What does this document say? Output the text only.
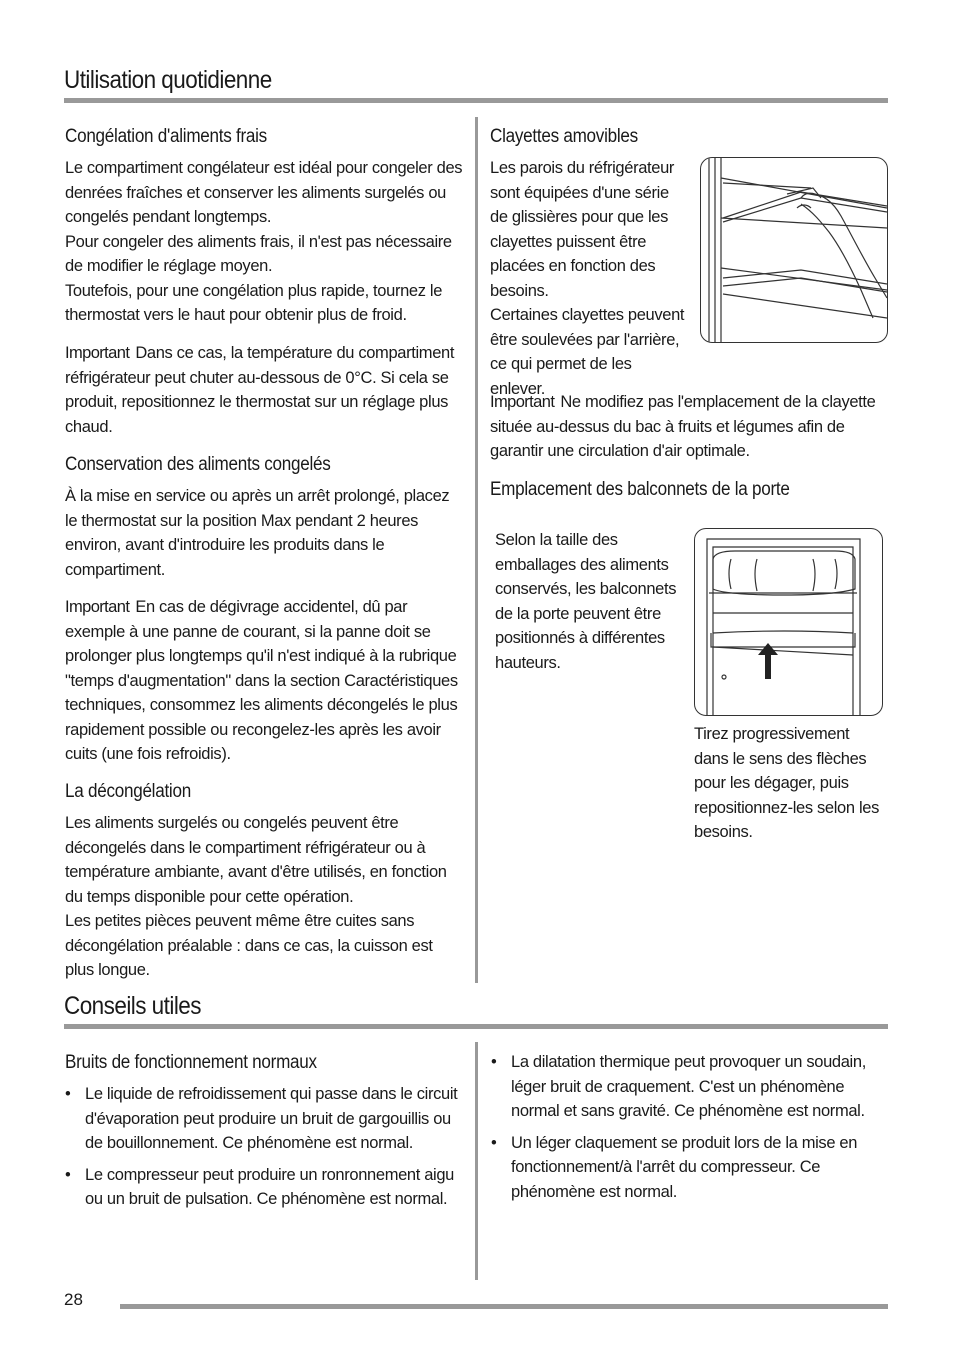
Utilisation quotidienne
Congélation d'aliments frais

Le compartiment congélateur est idéal pour congeler des denrées fraîches et conserver les aliments surgelés ou congelés pendant longtemps.

Pour congeler des aliments frais, il n'est pas nécessaire de modifier le réglage moyen.

Toutefois, pour une congélation plus rapide, tournez le thermostat vers le haut pour obtenir plus de froid.

Important Dans ce cas, la température du compartiment réfrigérateur peut chuter au-dessous de 0°C. Si cela se produit, repositionnez le thermostat sur un réglage plus chaud.
Conservation des aliments congelés
À la mise en service ou après un arrêt prolongé, placez le thermostat sur la position Max pendant 2 heures environ, avant d'introduire les produits dans le compartiment.
Important En cas de dégivrage accidentel, dû par exemple à une panne de courant, si la panne doit se prolonger plus longtemps qu'il n'est indiqué à la rubrique "temps d'augmentation" dans la section Caractéristiques techniques, consommez les aliments décongelés le plus rapidement possible ou recongelez-les après les avoir cuits (une fois refroidis).
La décongélation

Les aliments surgelés ou congelés peuvent être décongelés dans le compartiment réfrigérateur ou à température ambiante, avant d'être utilisés, en fonction du temps disponible pour cette opération.

Les petites pièces peuvent même être cuites sans décongélation préalable : dans ce cas, la cuisson est plus longue.

Clayettes amovibles

Les parois du réfrigérateur sont équipées d'une série de glissières pour que les clayettes puissent être placées en fonction des besoins.

Certaines clayettes peuvent être soulevées par l'arrière, ce qui permet de les enlever.

Important Ne modifiez pas l'emplacement de la clayette située au-dessus du bac à fruits et légumes afin de garantir une circulation d'air optimale.
Emplacement des balconnets de la porte
Selon la taille des emballages des aliments conservés, les balconnets de la porte peuvent être positionnés à différentes hauteurs.
Tirez progressivement dans le sens des flèches pour les dégager, puis repositionnez-les selon les besoins.
Conseils utiles
Bruits de fonctionnement normaux
• Le liquide de refroidissement qui passe dans le circuit d'évaporation peut produire un bruit de gargouillis ou de bouillonnement. Ce phénomène est normal.
• Le compresseur peut produire un ronronnement aigu ou un bruit de pulsation. Ce phénomène est normal.
• La dilatation thermique peut provoquer un soudain, léger bruit de craquement. C'est un phénomène normal et sans gravité. Ce phénomène est normal.
• Un léger claquement se produit lors de la mise en fonctionnement/à l'arrêt du compresseur. Ce phénomène est normal.
28
